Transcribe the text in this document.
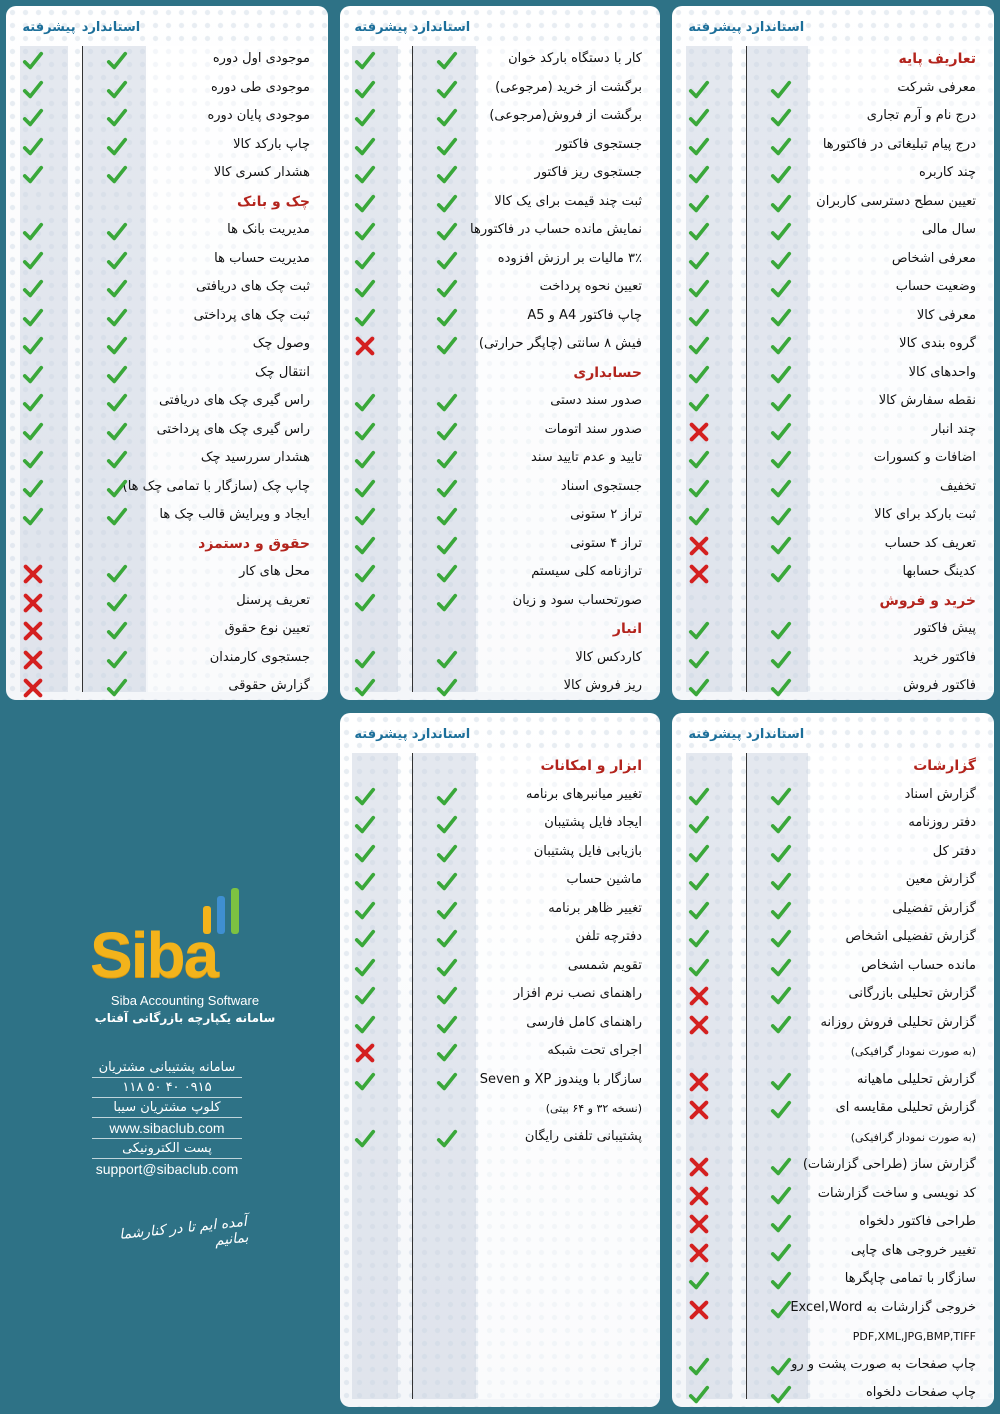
پیشرفته استاندارد
تعاریف پایه
معرفی شرکت
درج نام و آرم تجاری
درج پیام تبلیغاتی در فاکتورها
چند کاربره
تعیین سطح دسترسی کاربران
سال مالی
معرفی اشخاص
وضعیت حساب
معرفی کالا
گروه بندی کالا
واحدهای کالا
نقطه سفارش کالا
چند انبار
اضافات و کسورات
تخفیف
ثبت بارکد برای کالا
تعریف کد حساب
کدینگ حسابها
خرید و فروش
پیش فاکتور
فاکتور خرید
فاکتور فروش
پیشرفته استاندارد
کار با دستگاه بارکد خوان
برگشت از خرید (مرجوعی)
برگشت از فروش(مرجوعی)
جستجوی فاکتور
جستجوی ریز فاکتور
ثبت چند قیمت برای یک کالا
نمایش مانده حساب در فاکتورها
۳٪ مالیات بر ارزش افزوده
تعیین نحوه پرداخت
چاپ فاکتور A4 و A5
فیش ۸ سانتی (چاپگر حرارتی)
حسابداری
صدور سند دستی
صدور سند اتومات
تایید و عدم تایید سند
جستجوی اسناد
تراز ۲ ستونی
تراز ۴ ستونی
ترازنامه کلی سیستم
صورتحساب سود و زیان
انبار
کاردکس کالا
ریز فروش کالا
پیشرفته استاندارد
موجودی اول دوره
موجودی طی دوره
موجودی پایان دوره
چاپ بارکد کالا
هشدار کسری کالا
چک و بانک
مدیریت بانک ها
مدیریت حساب ها
ثبت چک های دریافتی
ثبت چک های پرداختی
وصول چک
انتقال چک
راس گیری چک های دریافتی
راس گیری چک های پرداختی
هشدار سررسید چک
چاپ چک (سازگار با تمامی چک ها)
ایجاد و ویرایش قالب چک ها
حقوق و دستمزد
محل های کار
تعریف پرسنل
تعیین نوع حقوق
جستجوی کارمندان
گزارش حقوقی
پیشرفته استاندارد
گزارشات
گزارش اسناد
دفتر روزنامه
دفتر کل
گزارش معین
گزارش تفضیلی
گزارش تفضیلی اشخاص
مانده حساب اشخاص
گزارش تحلیلی بازرگانی
گزارش تحلیلی فروش روزانه
(به صورت نمودار گرافیکی)
گزارش تحلیلی ماهیانه
گزارش تحلیلی مقایسه ای
(به صورت نمودار گرافیکی)
گزارش ساز (طراحی گزارشات)
کد نویسی و ساخت گزارشات
طراحی فاکتور دلخواه
تغییر خروجی های چاپی
سازگار با تمامی چاپگرها
خروجی گزارشات به Excel,Word
PDF,XML,JPG,BMP,TIFF
چاپ صفحات به صورت پشت و رو
چاپ صفحات دلخواه
پیشرفته استاندارد
ابزار و امکانات
تغییر میانبرهای برنامه
ایجاد فایل پشتیبان
بازیابی فایل پشتیبان
ماشین حساب
تغییر ظاهر برنامه
دفترچه تلفن
تقویم شمسی
راهنمای نصب نرم افزار
راهنمای کامل فارسی
اجرای تحت شبکه
سازگار با ویندوز XP و Seven
(نسخه ۳۲ و ۶۴ بیتی)
پشتیبانی تلفنی رایگان
Siba
Siba Accounting Software
سامانه یکپارچه بازرگانی آفتاب
سامانه پشتیبانی مشتریان
۰۹۱۵ ۴۰ ۵۰ ۱۱۸
کلوپ مشتریان سیبا
www.sibaclub.com
پست الکترونیکی
support@sibaclub.com
آمده ایم تا در کنارشما بمانیم
